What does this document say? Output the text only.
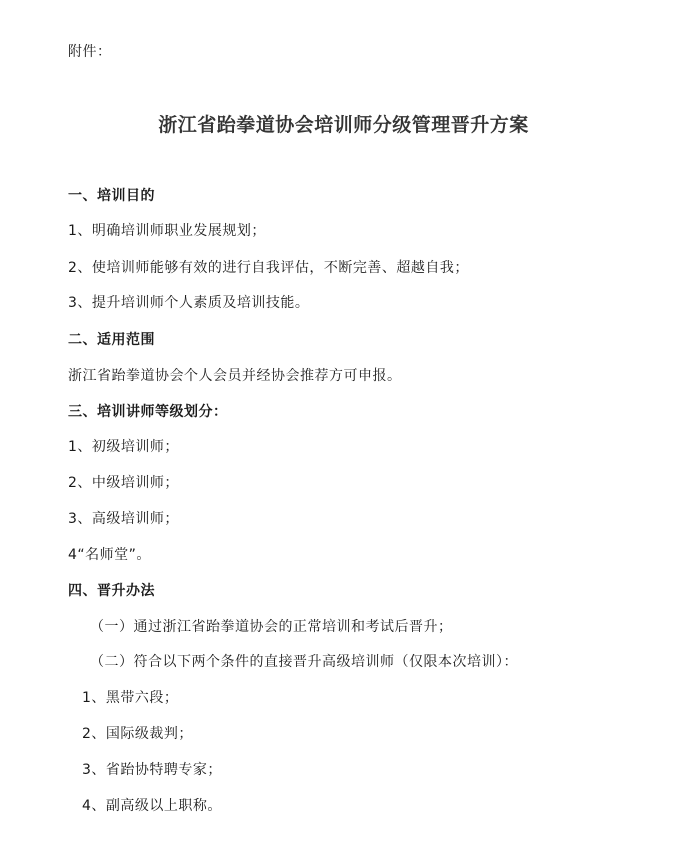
附件：
浙江省跆拳道协会培训师分级管理晋升方案
一、培训目的
1、明确培训师职业发展规划；
2、使培训师能够有效的进行自我评估，不断完善、超越自我；
3、提升培训师个人素质及培训技能。
二、适用范围
浙江省跆拳道协会个人会员并经协会推荐方可申报。
三、培训讲师等级划分：
1、初级培训师；
2、中级培训师；
3、高级培训师；
4“名师堂”。
四、晋升办法
（一）通过浙江省跆拳道协会的正常培训和考试后晋升；
（二）符合以下两个条件的直接晋升高级培训师（仅限本次培训）：
1、黑带六段；
2、国际级裁判；
3、省跆协特聘专家；
4、副高级以上职称。
